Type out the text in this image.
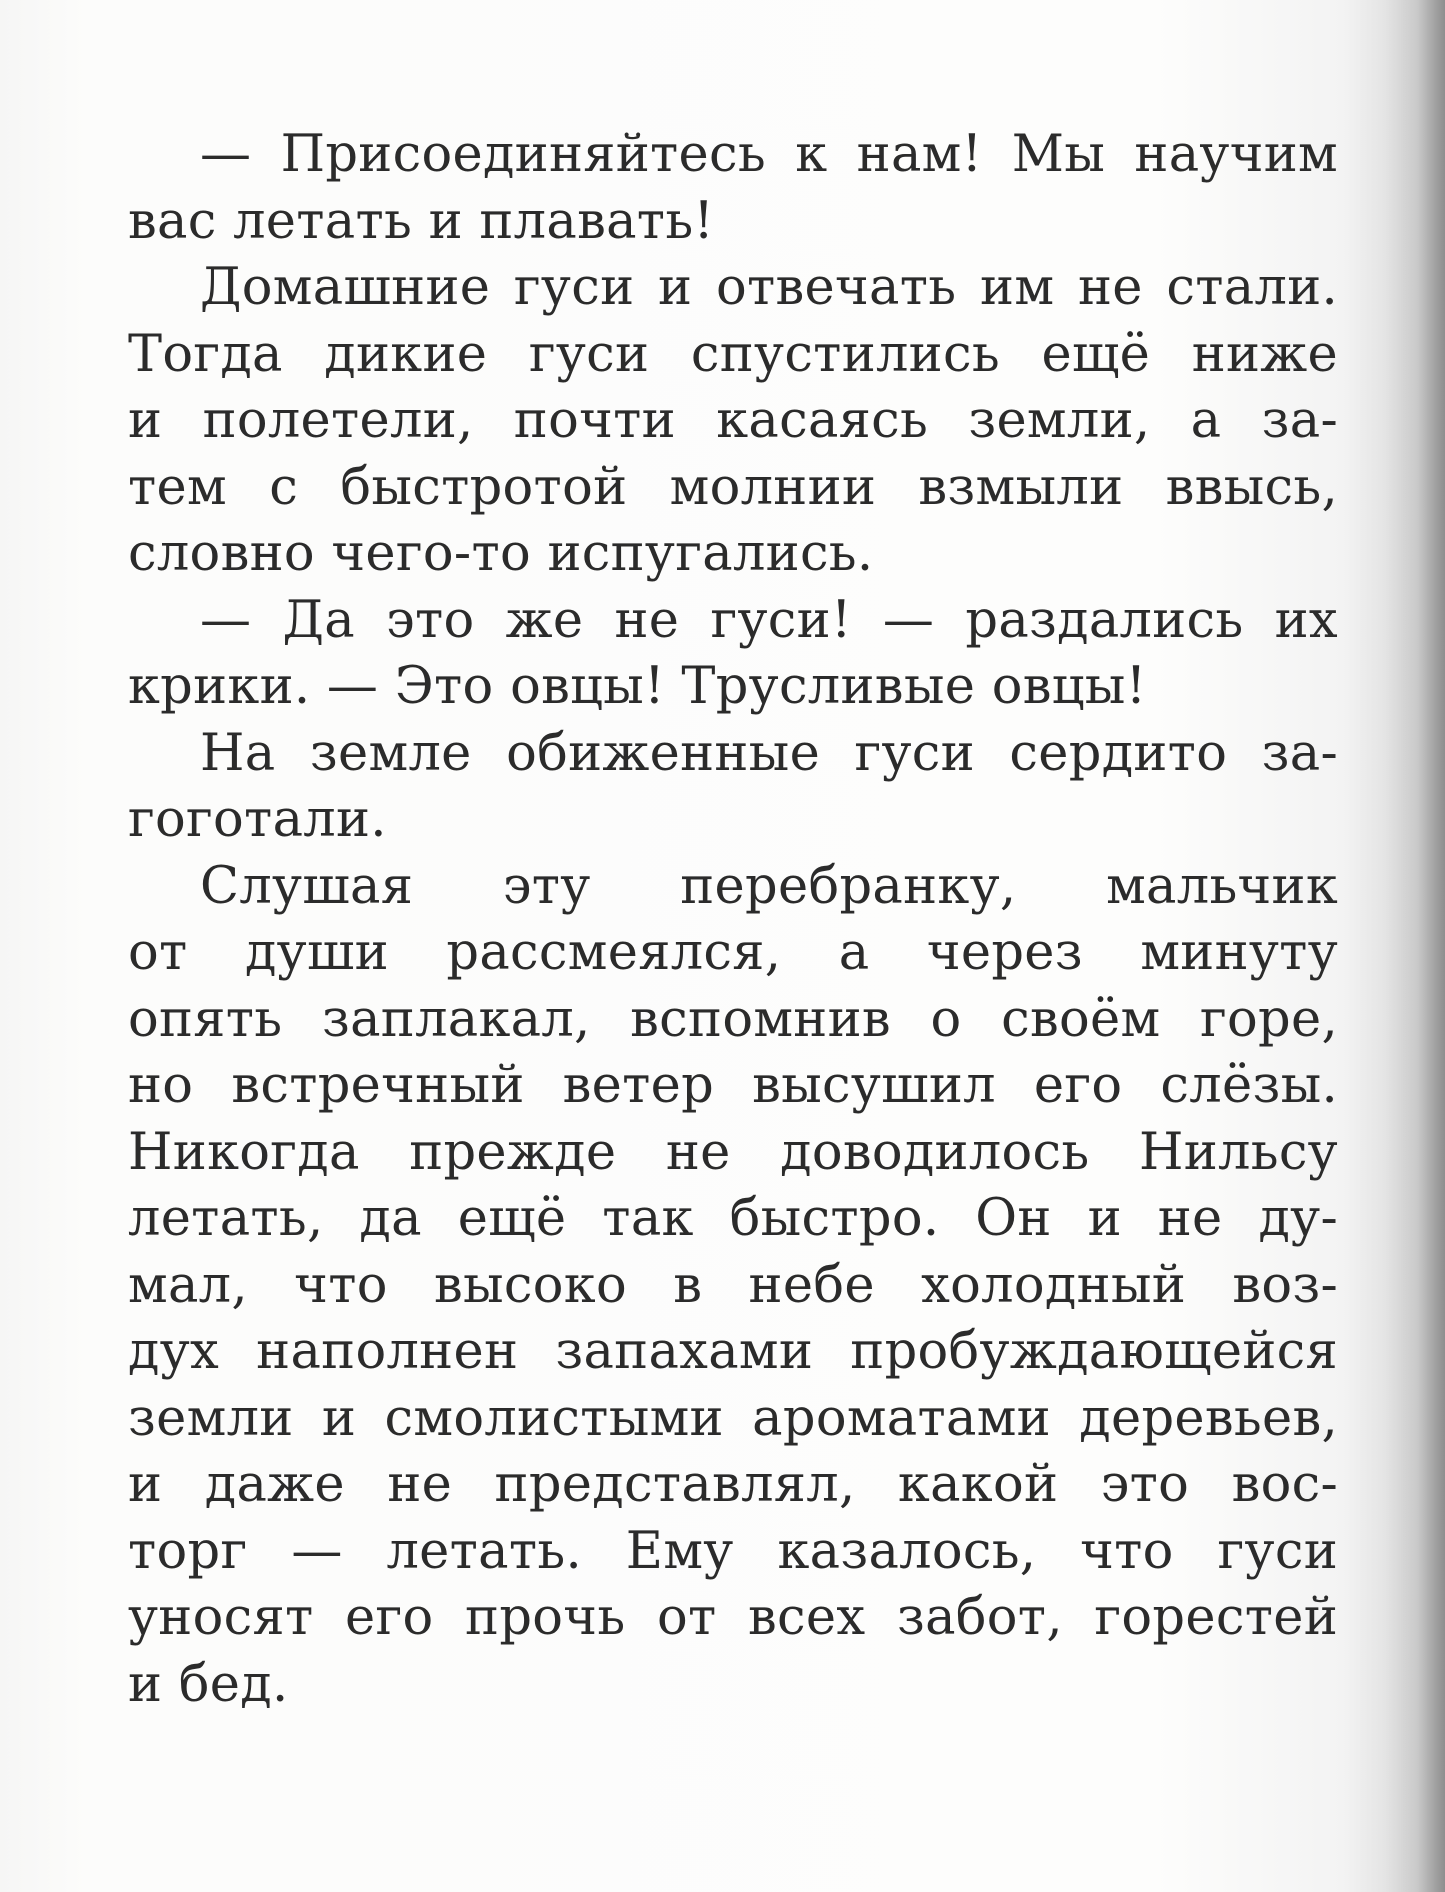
— Присоединяйтесь к нам! Мы научим
вас летать и плавать!
Домашние гуси и отвечать им не стали.
Тогда дикие гуси спустились ещё ниже
и полетели, почти касаясь земли, а за-
тем с быстротой молнии взмыли ввысь,
словно чего-то испугались.
— Да это же не гуси! — раздались их
крики. — Это овцы! Трусливые овцы!
На земле обиженные гуси сердито за-
гоготали.
Слушая эту перебранку, мальчик
от души рассмеялся, а через минуту
опять заплакал, вспомнив о своём горе,
но встречный ветер высушил его слёзы.
Никогда прежде не доводилось Нильсу
летать, да ещё так быстро. Он и не ду-
мал, что высоко в небе холодный воз-
дух наполнен запахами пробуждающейся
земли и смолистыми ароматами деревьев,
и даже не представлял, какой это вос-
торг — летать. Ему казалось, что гуси
уносят его прочь от всех забот, горестей
и бед.
